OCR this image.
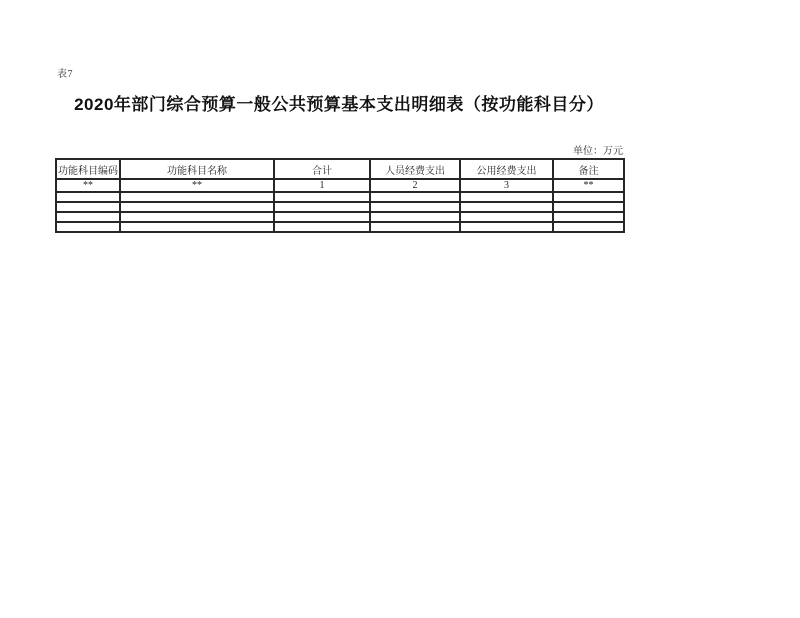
表7
2020年部门综合预算一般公共预算基本支出明细表（按功能科目分）
单位：万元
功能科目编码	功能科目名称	合计	人员经费支出	公用经费支出	备注
**	**	1	2	3	**
